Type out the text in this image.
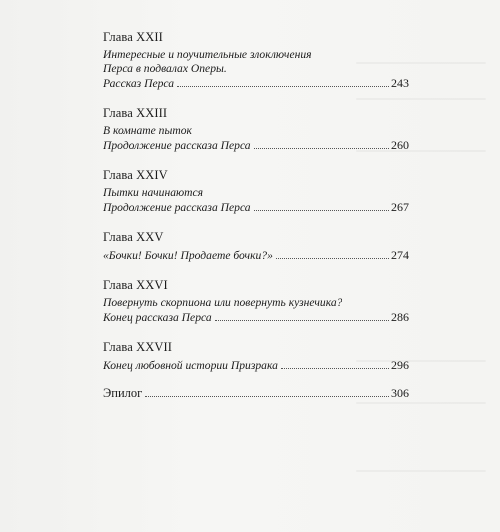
Глава XXII
Интересные и поучительные злоключения
Перса в подвалах Оперы.
Рассказ Перса	243
Глава XXIII
В комнате пыток
Продолжение рассказа Перса	260
Глава XXIV
Пытки начинаются
Продолжение рассказа Перса	267
Глава XXV
«Бочки! Бочки! Продаете бочки?»	274
Глава XXVI
Повернуть скорпиона или повернуть кузнечика?
Конец рассказа Перса	286
Глава XXVII
Конец любовной истории Призрака	296
Эпилог	306
